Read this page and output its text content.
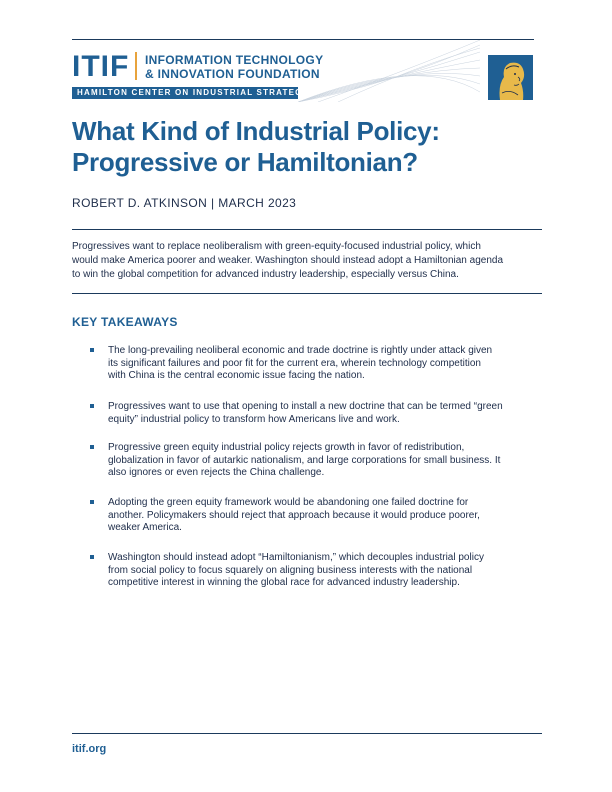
ITIF INFORMATION TECHNOLOGY
& INNOVATION FOUNDATION
HAMILTON CENTER ON INDUSTRIAL STRATEGY
What Kind of Industrial Policy:
Progressive or Hamiltonian?
ROBERT D. ATKINSON | MARCH 2023

Progressives want to replace neoliberalism with green-equity-focused industrial policy, which
would make America poorer and weaker. Washington should instead adopt a Hamiltonian agenda
to win the global competition for advanced industry leadership, especially versus China.

KEY TAKEAWAYS
The long-prevailing neoliberal economic and trade doctrine is rightly under attack given
its significant failures and poor fit for the current era, wherein technology competition
with China is the central economic issue facing the nation.
Progressives want to use that opening to install a new doctrine that can be termed “green
equity” industrial policy to transform how Americans live and work.
Progressive green equity industrial policy rejects growth in favor of redistribution,
globalization in favor of autarkic nationalism, and large corporations for small business. It
also ignores or even rejects the China challenge.
Adopting the green equity framework would be abandoning one failed doctrine for
another. Policymakers should reject that approach because it would produce poorer,
weaker America.
Washington should instead adopt “Hamiltonianism,” which decouples industrial policy
from social policy to focus squarely on aligning business interests with the national
competitive interest in winning the global race for advanced industry leadership.
itif.org
